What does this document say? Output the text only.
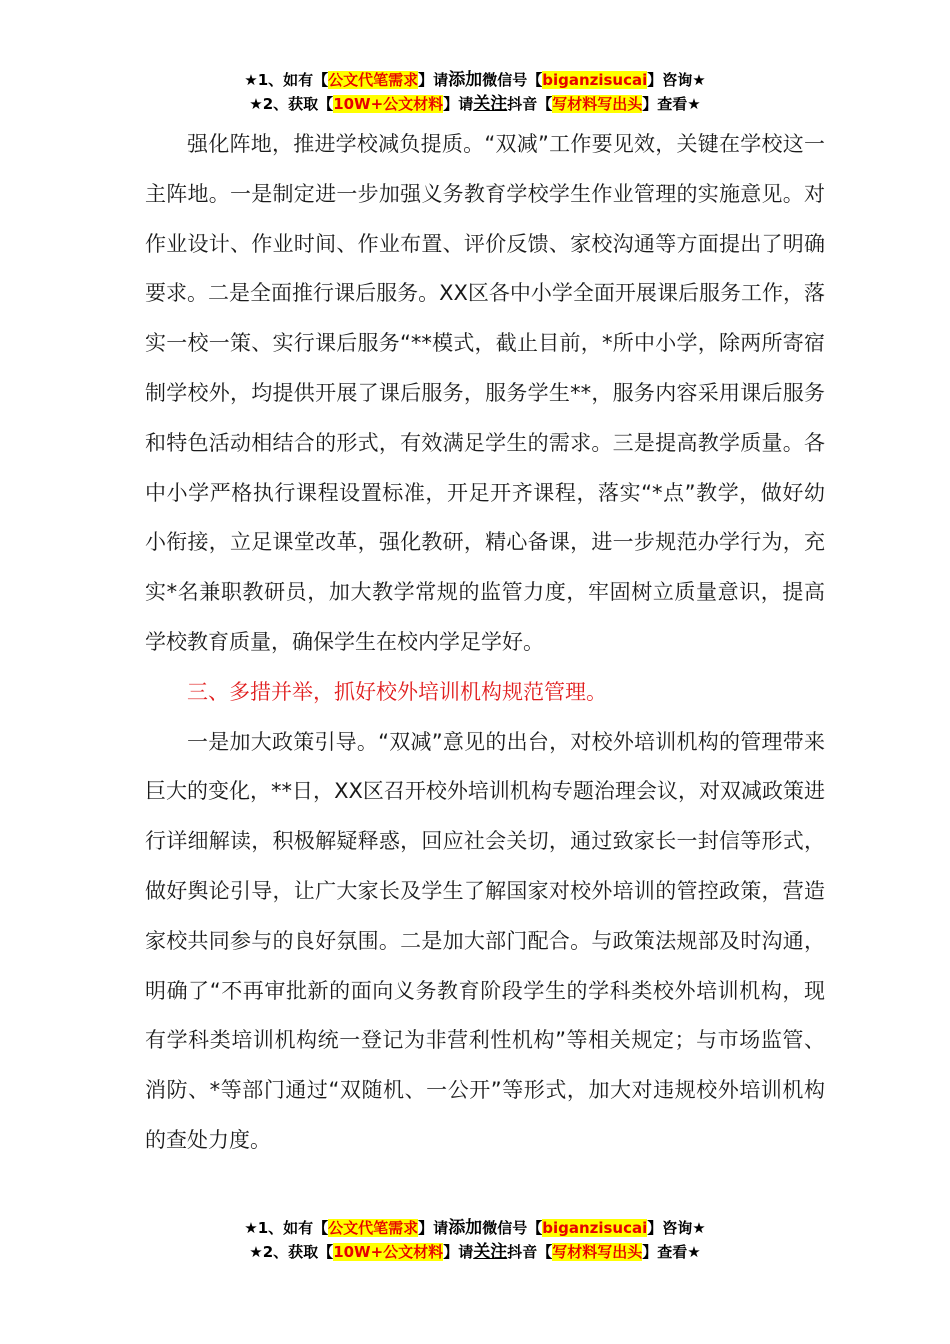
★1、如有【公文代笔需求】请添加微信号【biganzisucai】咨询★
★2、获取【10W+公文材料】请关注抖音【写材料写出头】查看★

强化阵地，推进学校减负提质。“双减”工作要见效，关键在学校这一主阵地。一是制定进一步加强义务教育学校学生作业管理的实施意见。对作业设计、作业时间、作业布置、评价反馈、家校沟通等方面提出了明确要求。二是全面推行课后服务。XX区各中小学全面开展课后服务工作，落实一校一策、实行课后服务“**模式，截止目前，*所中小学，除两所寄宿制学校外，均提供开展了课后服务，服务学生**，服务内容采用课后服务和特色活动相结合的形式，有效满足学生的需求。三是提高教学质量。各中小学严格执行课程设置标准，开足开齐课程，落实“*点”教学，做好幼小衔接，立足课堂改革，强化教研，精心备课，进一步规范办学行为，充实*名兼职教研员，加大教学常规的监管力度，牢固树立质量意识，提高学校教育质量，确保学生在校内学足学好。

三、多措并举，抓好校外培训机构规范管理。

一是加大政策引导。“双减”意见的出台，对校外培训机构的管理带来巨大的变化，**日，XX区召开校外培训机构专题治理会议，对双减政策进行详细解读，积极解疑释惑，回应社会关切，通过致家长一封信等形式，做好舆论引导，让广大家长及学生了解国家对校外培训的管控政策，营造家校共同参与的良好氛围。二是加大部门配合。与政策法规部及时沟通，明确了“不再审批新的面向义务教育阶段学生的学科类校外培训机构，现有学科类培训机构统一登记为非营利性机构”等相关规定；与市场监管、消防、*等部门通过“双随机、一公开”等形式，加大对违规校外培训机构的查处力度。

★1、如有【公文代笔需求】请添加微信号【biganzisucai】咨询★
★2、获取【10W+公文材料】请关注抖音【写材料写出头】查看★
